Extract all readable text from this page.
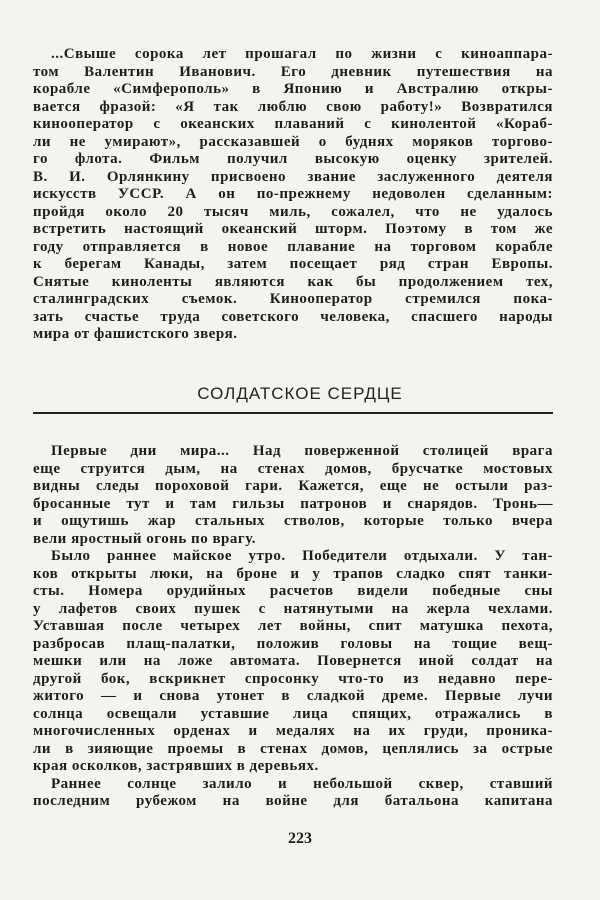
...Свыше сорока лет прошагал по жизни с киноаппара-
том Валентин Иванович. Его дневник путешествия на
корабле «Симферополь» в Японию и Австралию откры-
вается фразой: «Я так люблю свою работу!» Возвратился
кинооператор с океанских плаваний с кинолентой «Кораб-
ли не умирают», рассказавшей о буднях моряков торгово-
го флота. Фильм получил высокую оценку зрителей.
В. И. Орлянкину присвоено звание заслуженного деятеля
искусств УССР. А он по-прежнему недоволен сделанным:
пройдя около 20 тысяч миль, сожалел, что не удалось
встретить настоящий океанский шторм. Поэтому в том же
году отправляется в новое плавание на торговом корабле
к берегам Канады, затем посещает ряд стран Европы.
Снятые киноленты являются как бы продолжением тех,
сталинградских съемок. Кинооператор стремился пока-
зать счастье труда советского человека, спасшего народы
мира от фашистского зверя.
СОЛДАТСКОЕ СЕРДЦЕ
Первые дни мира... Над поверженной столицей врага
еще струится дым, на стенах домов, брусчатке мостовых
видны следы пороховой гари. Кажется, еще не остыли раз-
бросанные тут и там гильзы патронов и снарядов. Тронь—
и ощутишь жар стальных стволов, которые только вчера
вели яростный огонь по врагу.
Было раннее майское утро. Победители отдыхали. У тан-
ков открыты люки, на броне и у трапов сладко спят танки-
сты. Номера орудийных расчетов видели победные сны
у лафетов своих пушек с натянутыми на жерла чехлами.
Уставшая после четырех лет войны, спит матушка пехота,
разбросав плащ-палатки, положив головы на тощие вещ-
мешки или на ложе автомата. Повернется иной солдат на
другой бок, вскрикнет спросонку что-то из недавно пере-
житого — и снова утонет в сладкой дреме. Первые лучи
солнца освещали уставшие лица спящих, отражались в
многочисленных орденах и медалях на их груди, проника-
ли в зияющие проемы в стенах домов, цеплялись за острые
края осколков, застрявших в деревьях.
Раннее солнце залило и небольшой сквер, ставший
последним рубежом на войне для батальона капитана
223
